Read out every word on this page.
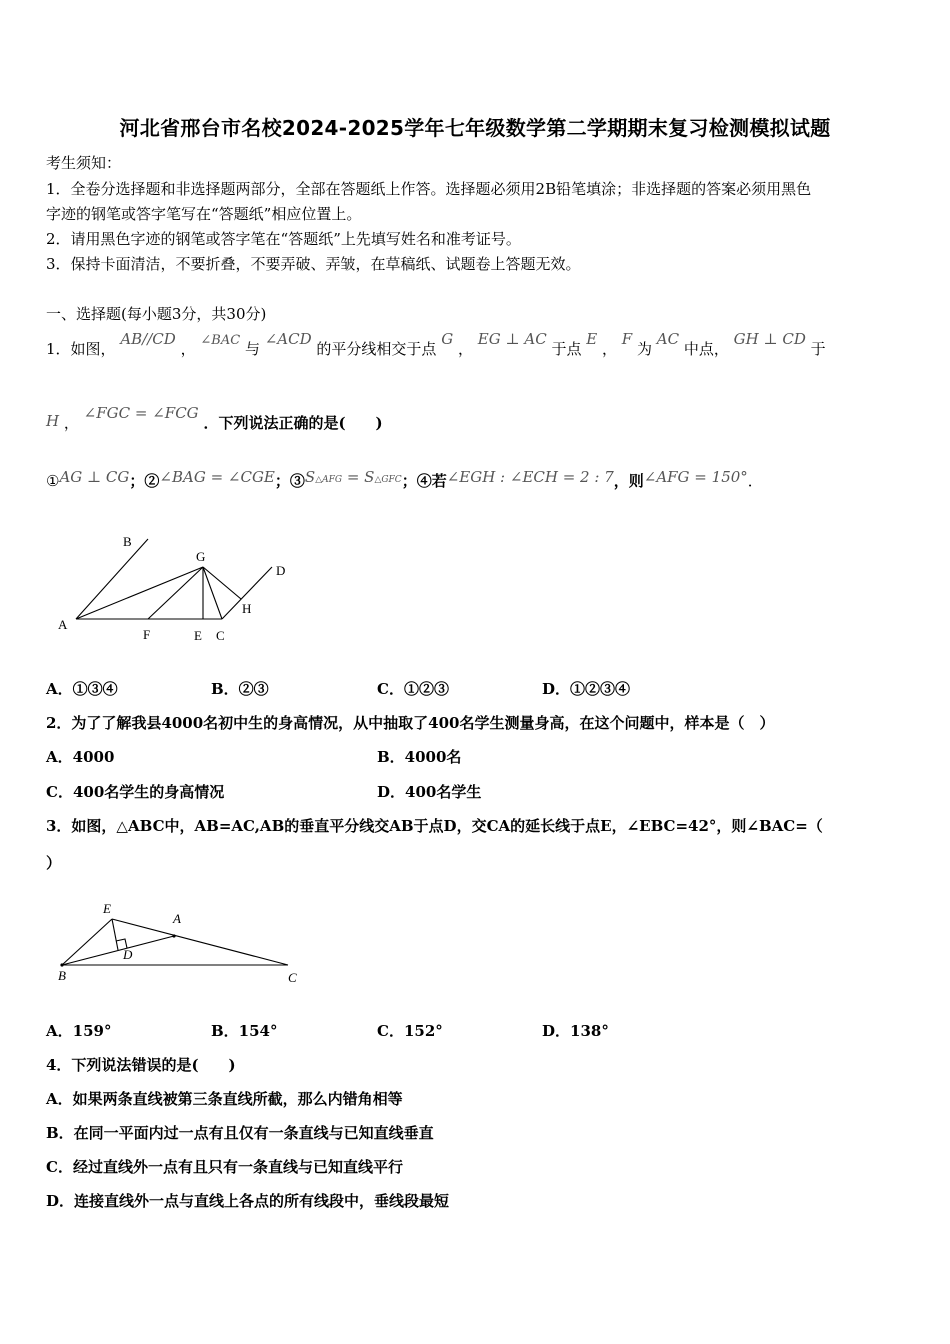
河北省邢台市名校2024-2025学年七年级数学第二学期期末复习检测模拟试题
考生须知：
1．全卷分选择题和非选择题两部分，全部在答题纸上作答。选择题必须用2B铅笔填涂；非选择题的答案必须用黑色
字迹的钢笔或答字笔写在“答题纸”相应位置上。
2．请用黑色字迹的钢笔或答字笔在“答题纸”上先填写姓名和准考证号。
3．保持卡面清洁，不要折叠，不要弄破、弄皱，在草稿纸、试题卷上答题无效。
一、选择题(每小题3分，共30分)
1．如图， AB//CD ， ∠BAC 与 ∠ACD 的平分线相交于点 G ， EG ⊥ AC 于点 E ， F 为 AC 中点， GH ⊥ CD 于
H ， ∠FGC = ∠FCG ．下列说法正确的是(　　)
①AG ⊥ CG；②∠BAG = ∠CGE；③S△AFG = S△GFC；④若∠EGH : ∠ECH = 2 : 7，则∠AFG = 150°．
B
G
D
H
A
F	E C
A．①③④	B．②③	C．①②③	D．①②③④
2．为了了解我县4000名初中生的身高情况，从中抽取了400名学生测量身高，在这个问题中，样本是（　）
A．4000	B．4000名
C．400名学生的身高情况	D．400名学生
3．如图，△ABC中，AB=AC,AB的垂直平分线交AB于点D，交CA的延长线于点E，∠EBC=42°，则∠BAC=（
）
E
A
D
B	C
A．159°	B．154°	C．152°	D．138°
4．下列说法错误的是(　　)
A．如果两条直线被第三条直线所截，那么内错角相等
B．在同一平面内过一点有且仅有一条直线与已知直线垂直
C．经过直线外一点有且只有一条直线与已知直线平行
D．连接直线外一点与直线上各点的所有线段中，垂线段最短
